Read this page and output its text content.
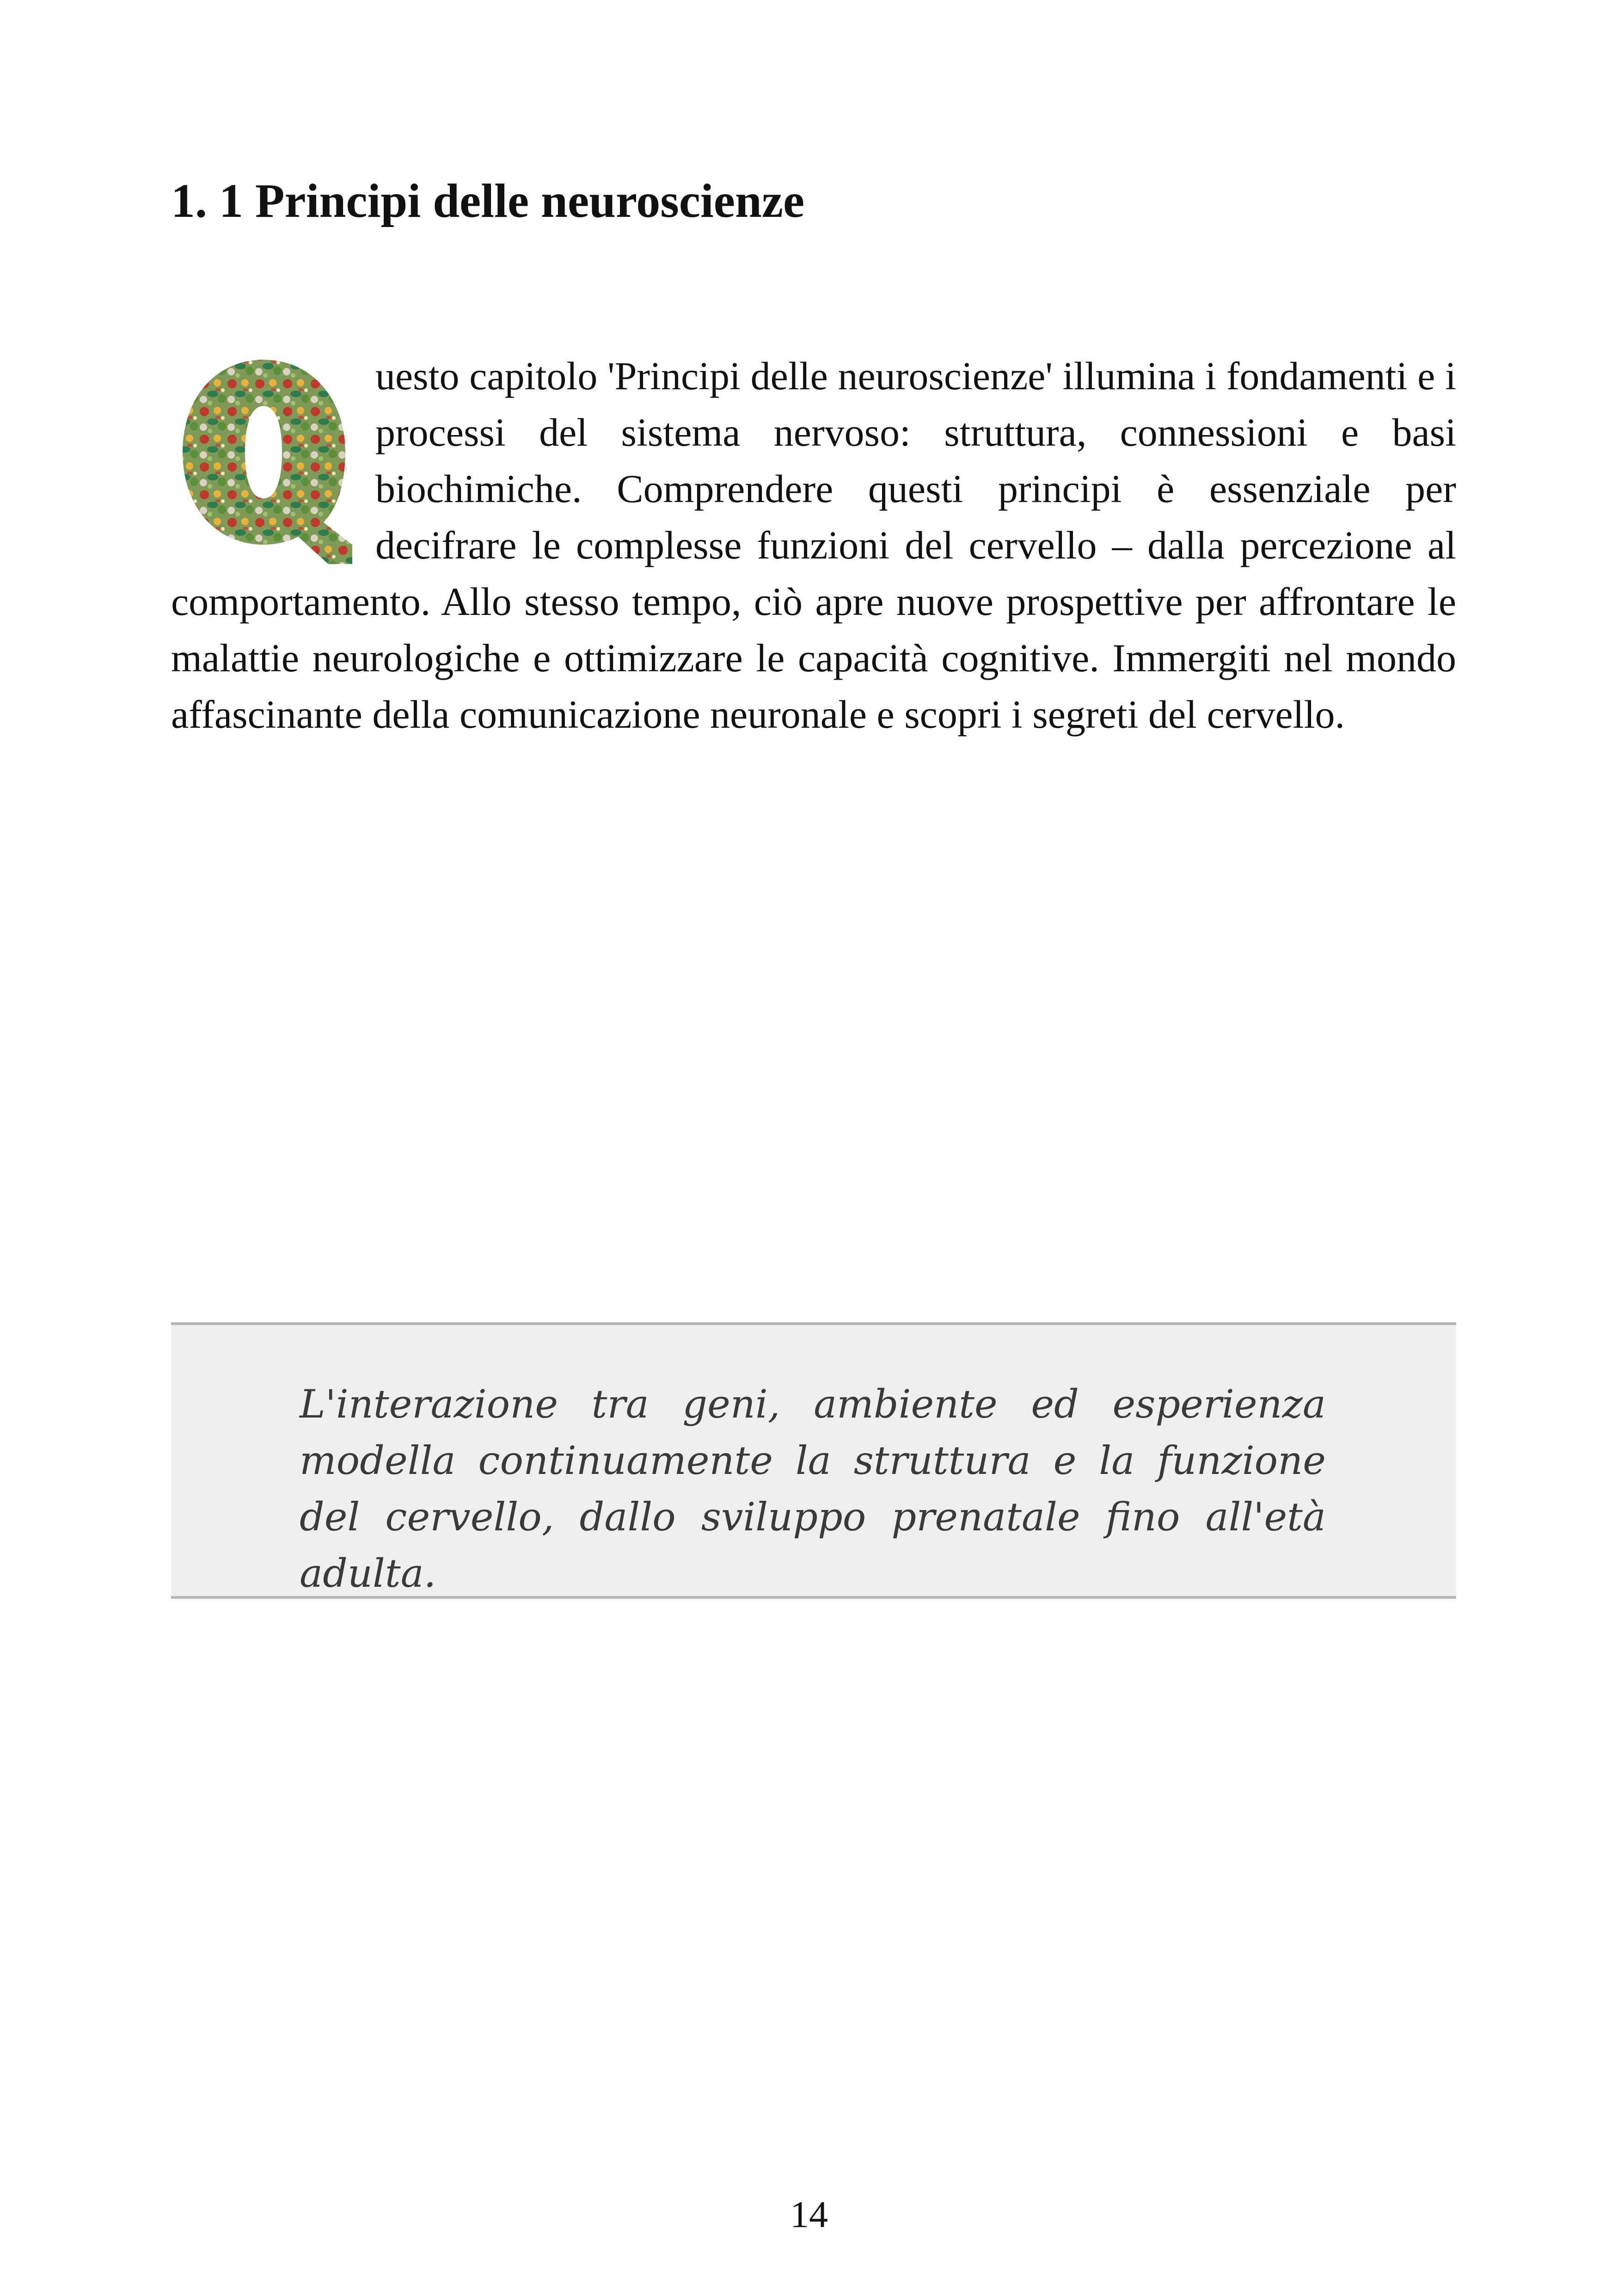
1. 1 Principi delle neuroscienze

uesto capitolo 'Principi delle neuroscienze' illumina i fondamenti e i processi del sistema nervoso: struttura, connessioni e basi biochimiche. Comprendere questi principi è essenziale per decifrare le complesse funzioni del cervello – dalla percezione al comportamento. Allo stesso tempo, ciò apre nuove prospettive per affrontare le malattie neurologiche e ottimizzare le capacità cognitive. Immergiti nel mondo affascinante della comunicazione neuronale e scopri i segreti del cervello.

L'interazione tra geni, ambiente ed esperienza modella continuamente la struttura e la funzione del cervello, dallo sviluppo prenatale fino all'età adulta.

14
